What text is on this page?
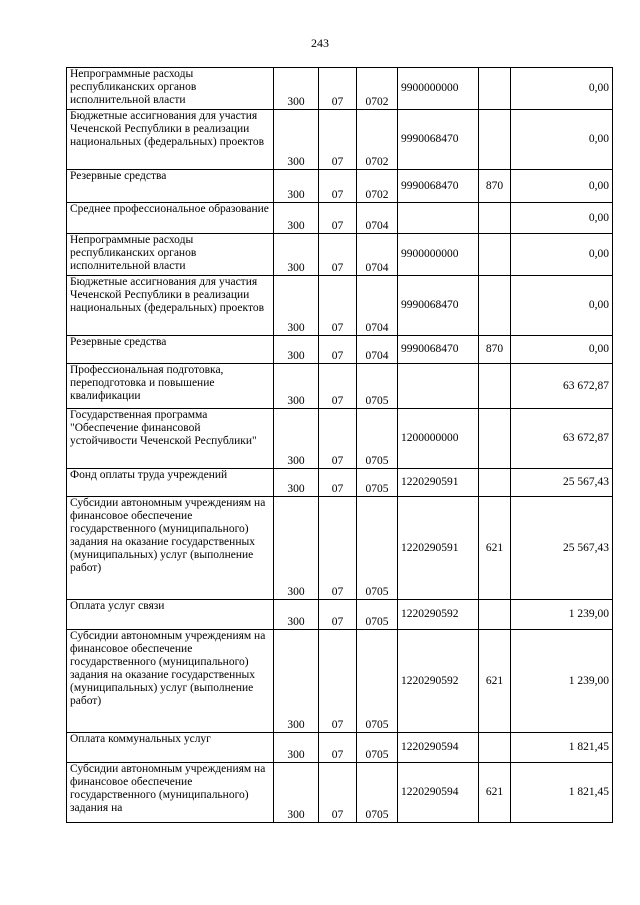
243
Непрограммные расходы республиканских органов исполнительной власти	300	07	0702	9900000000		0,00
Бюджетные ассигнования для участия Чеченской Республики в реализации национальных (федеральных) проектов	300	07	0702	9990068470		0,00
Резервные средства	300	07	0702	9990068470	870	0,00
Среднее профессиональное образование	300	07	0704			0,00
Непрограммные расходы республиканских органов исполнительной власти	300	07	0704	9900000000		0,00
Бюджетные ассигнования для участия Чеченской Республики в реализации национальных (федеральных) проектов	300	07	0704	9990068470		0,00
Резервные средства	300	07	0704	9990068470	870	0,00
Профессиональная подготовка, переподготовка и повышение квалификации	300	07	0705			63 672,87
Государственная программа "Обеспечение финансовой устойчивости Чеченской Республики"	300	07	0705	1200000000		63 672,87
Фонд оплаты труда учреждений	300	07	0705	1220290591		25 567,43
Субсидии автономным учреждениям на финансовое обеспечение государственного (муниципального) задания на оказание государственных (муниципальных) услуг (выполнение работ)	300	07	0705	1220290591	621	25 567,43
Оплата услуг связи	300	07	0705	1220290592		1 239,00
Субсидии автономным учреждениям на финансовое обеспечение государственного (муниципального) задания на оказание государственных (муниципальных) услуг (выполнение работ)	300	07	0705	1220290592	621	1 239,00
Оплата коммунальных услуг	300	07	0705	1220290594		1 821,45
Субсидии автономным учреждениям на финансовое обеспечение государственного (муниципального) задания на	300	07	0705	1220290594	621	1 821,45
